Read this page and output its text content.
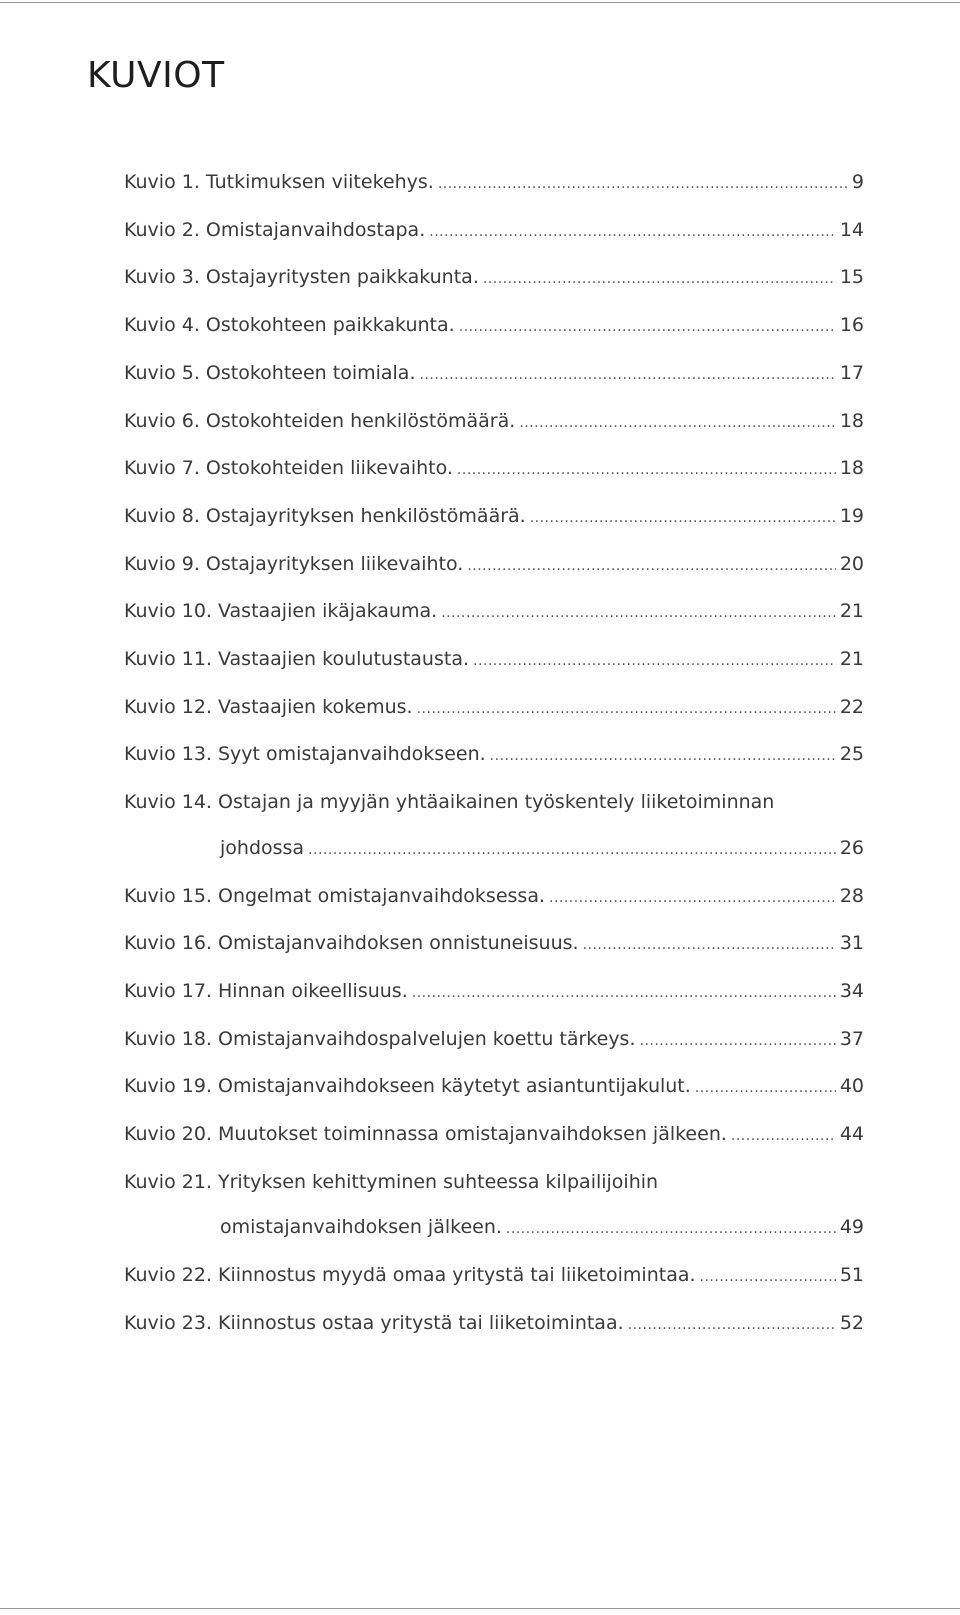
KUVIOT
Kuvio 1. Tutkimuksen viitekehys. .....	9
Kuvio 2. Omistajanvaihdostapa. .....	14
Kuvio 3. Ostajayritysten paikkakunta. .....	15
Kuvio 4. Ostokohteen paikkakunta. .....	16
Kuvio 5. Ostokohteen toimiala. .....	17
Kuvio 6. Ostokohteiden henkilöstömäärä. .....	18
Kuvio 7. Ostokohteiden liikevaihto. .....	18
Kuvio 8. Ostajayrityksen henkilöstömäärä. .....	19
Kuvio 9. Ostajayrityksen liikevaihto. .....	20
Kuvio 10. Vastaajien ikäjakauma. .....	21
Kuvio 11. Vastaajien koulutustausta. .....	21
Kuvio 12. Vastaajien kokemus. .....	22
Kuvio 13. Syyt omistajanvaihdokseen. .....	25
Kuvio 14. Ostajan ja myyjän yhtäaikainen työskentely liiketoiminnan
johdossa .....	26
Kuvio 15. Ongelmat omistajanvaihdoksessa. .....	28
Kuvio 16. Omistajanvaihdoksen onnistuneisuus. .....	31
Kuvio 17. Hinnan oikeellisuus. .....	34
Kuvio 18. Omistajanvaihdospalvelujen koettu tärkeys. .....	37
Kuvio 19. Omistajanvaihdokseen käytetyt asiantuntijakulut. .....	40
Kuvio 20. Muutokset toiminnassa omistajanvaihdoksen jälkeen. .....	44
Kuvio 21. Yrityksen kehittyminen suhteessa kilpailijoihin
omistajanvaihdoksen jälkeen. .....	49
Kuvio 22. Kiinnostus myydä omaa yritystä tai liiketoimintaa. .....	51
Kuvio 23. Kiinnostus ostaa yritystä tai liiketoimintaa. .....	52
